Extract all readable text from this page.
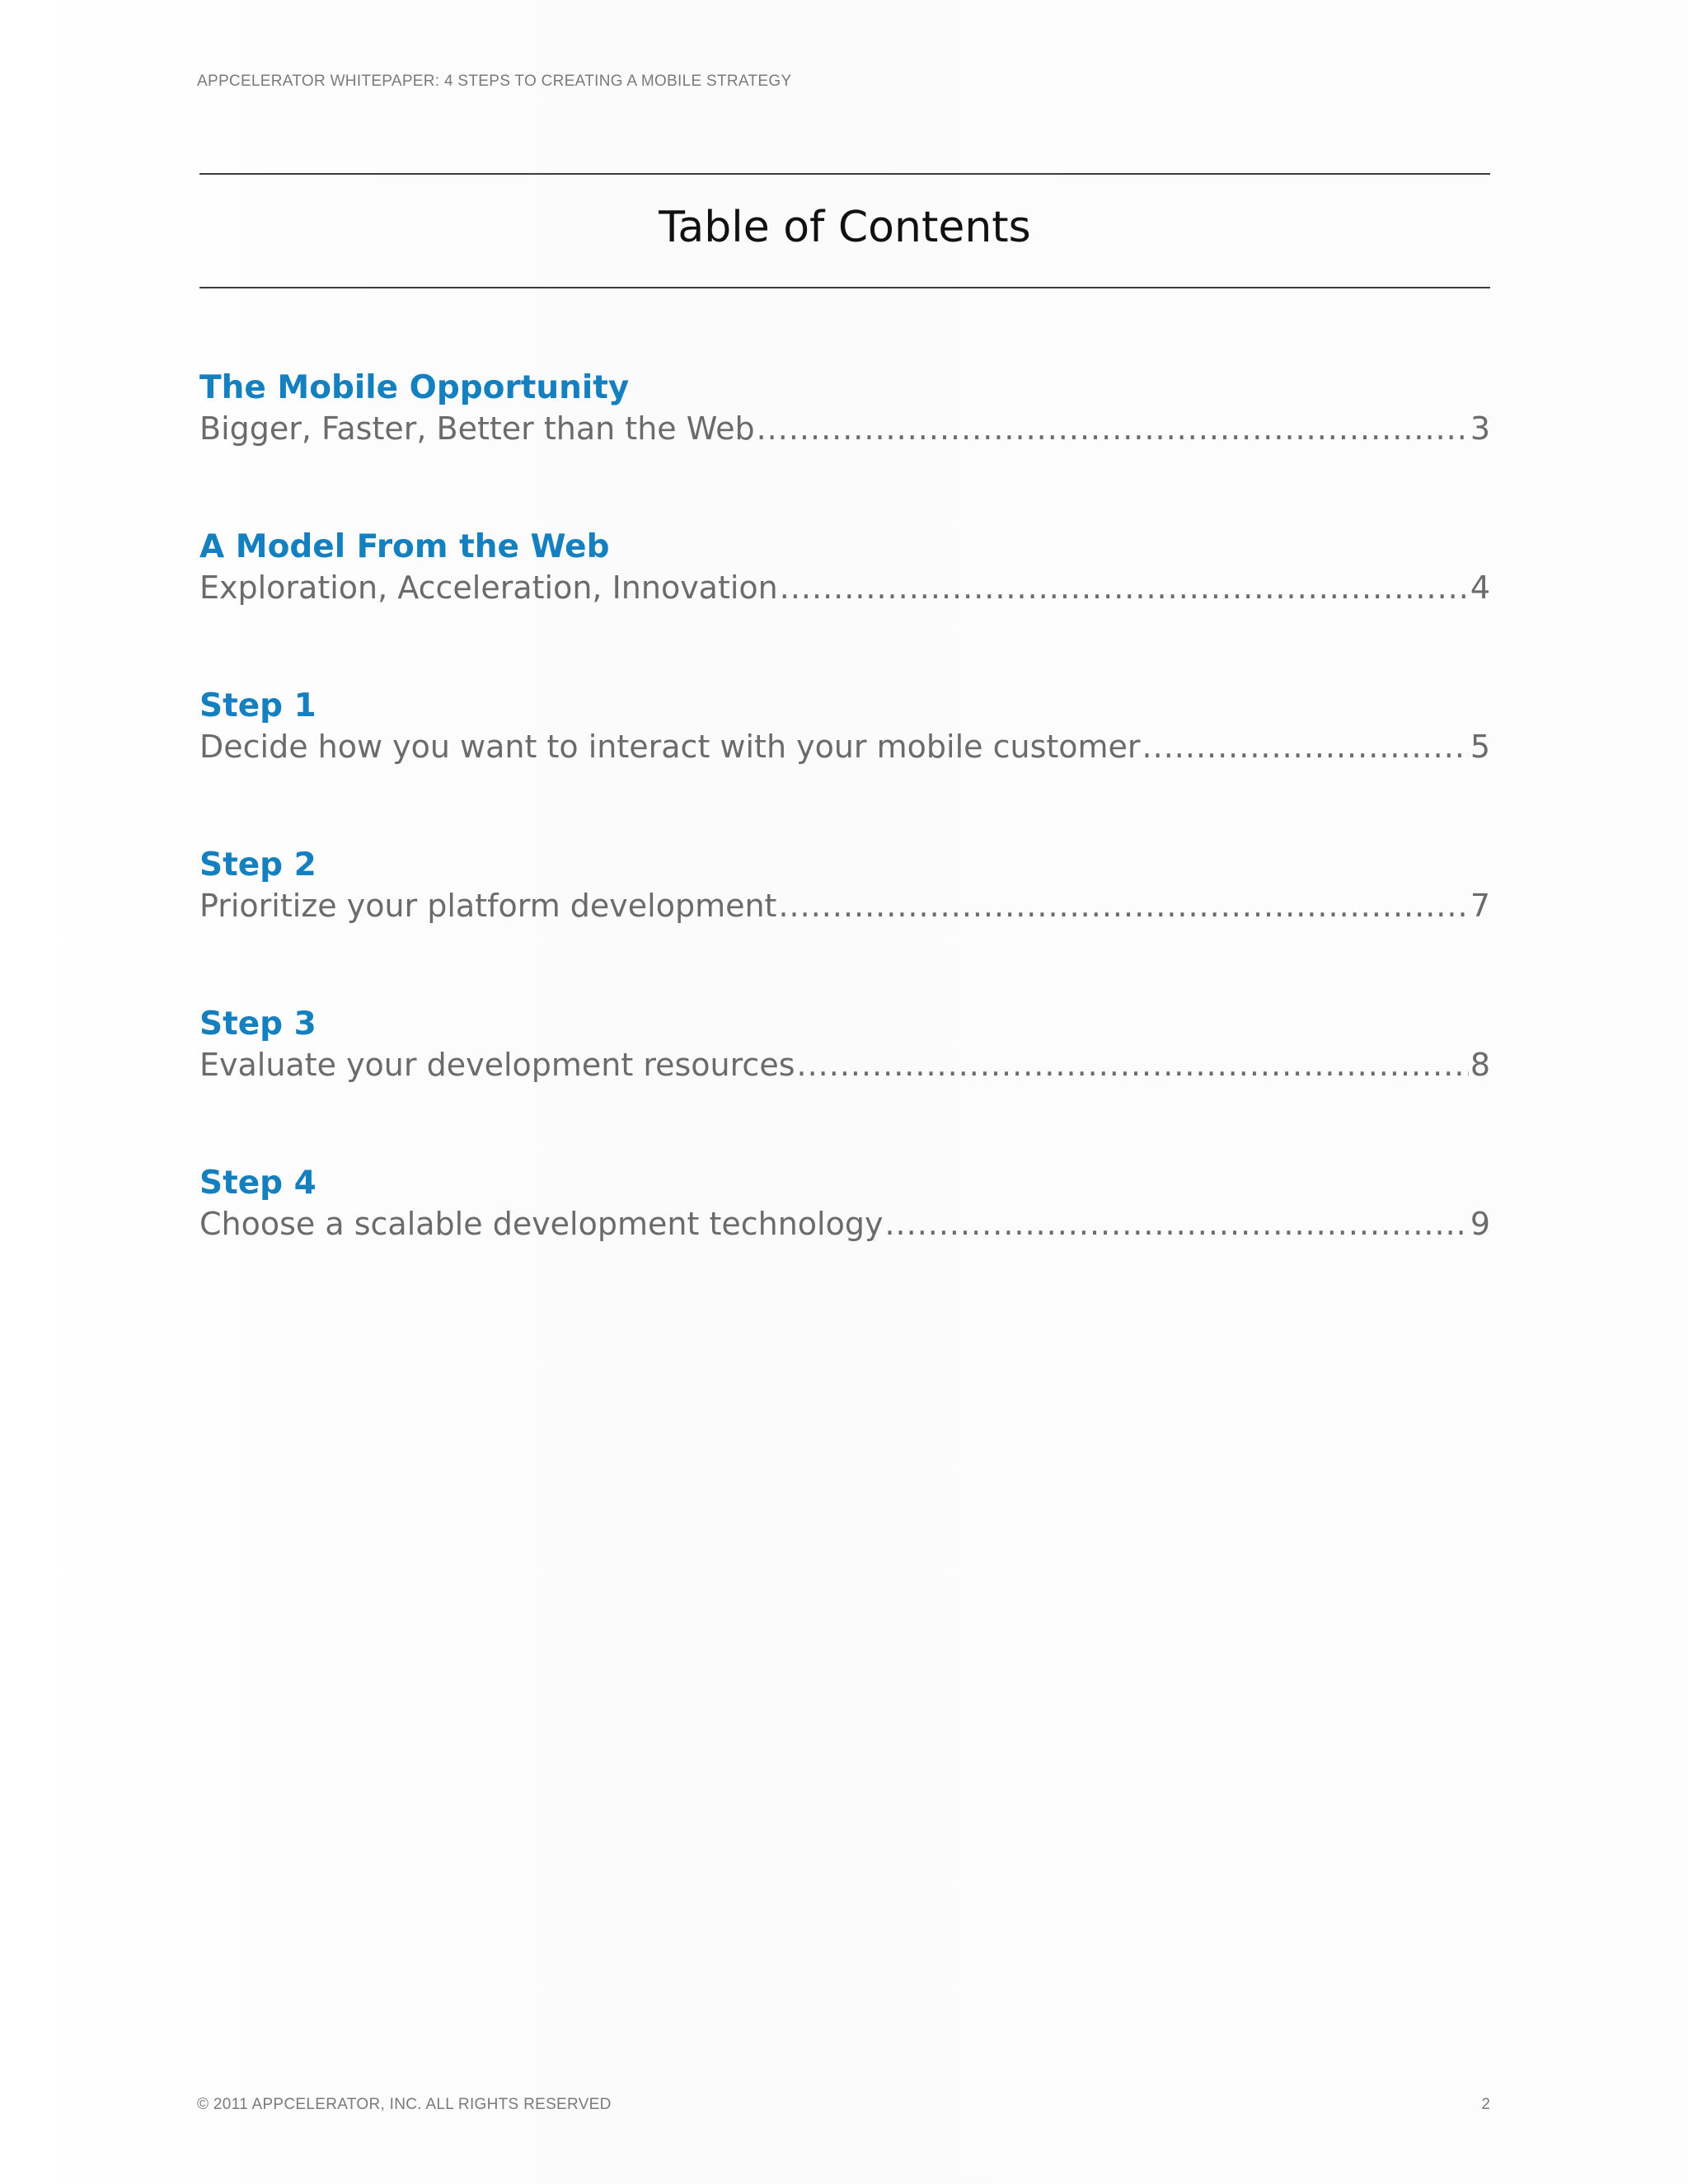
APPCELERATOR WHITEPAPER: 4 STEPS TO CREATING A MOBILE STRATEGY
Table of Contents
The Mobile Opportunity
Bigger, Faster, Better than the Web .....	3
A Model From the Web
Exploration, Acceleration, Innovation .....	4
Step 1
Decide how you want to interact with your mobile customer .....	5
Step 2
Prioritize your platform development .....	7
Step 3
Evaluate your development resources .....	8
Step 4
Choose a scalable development technology .....	9
© 2011 APPCELERATOR, INC. ALL RIGHTS RESERVED	2
